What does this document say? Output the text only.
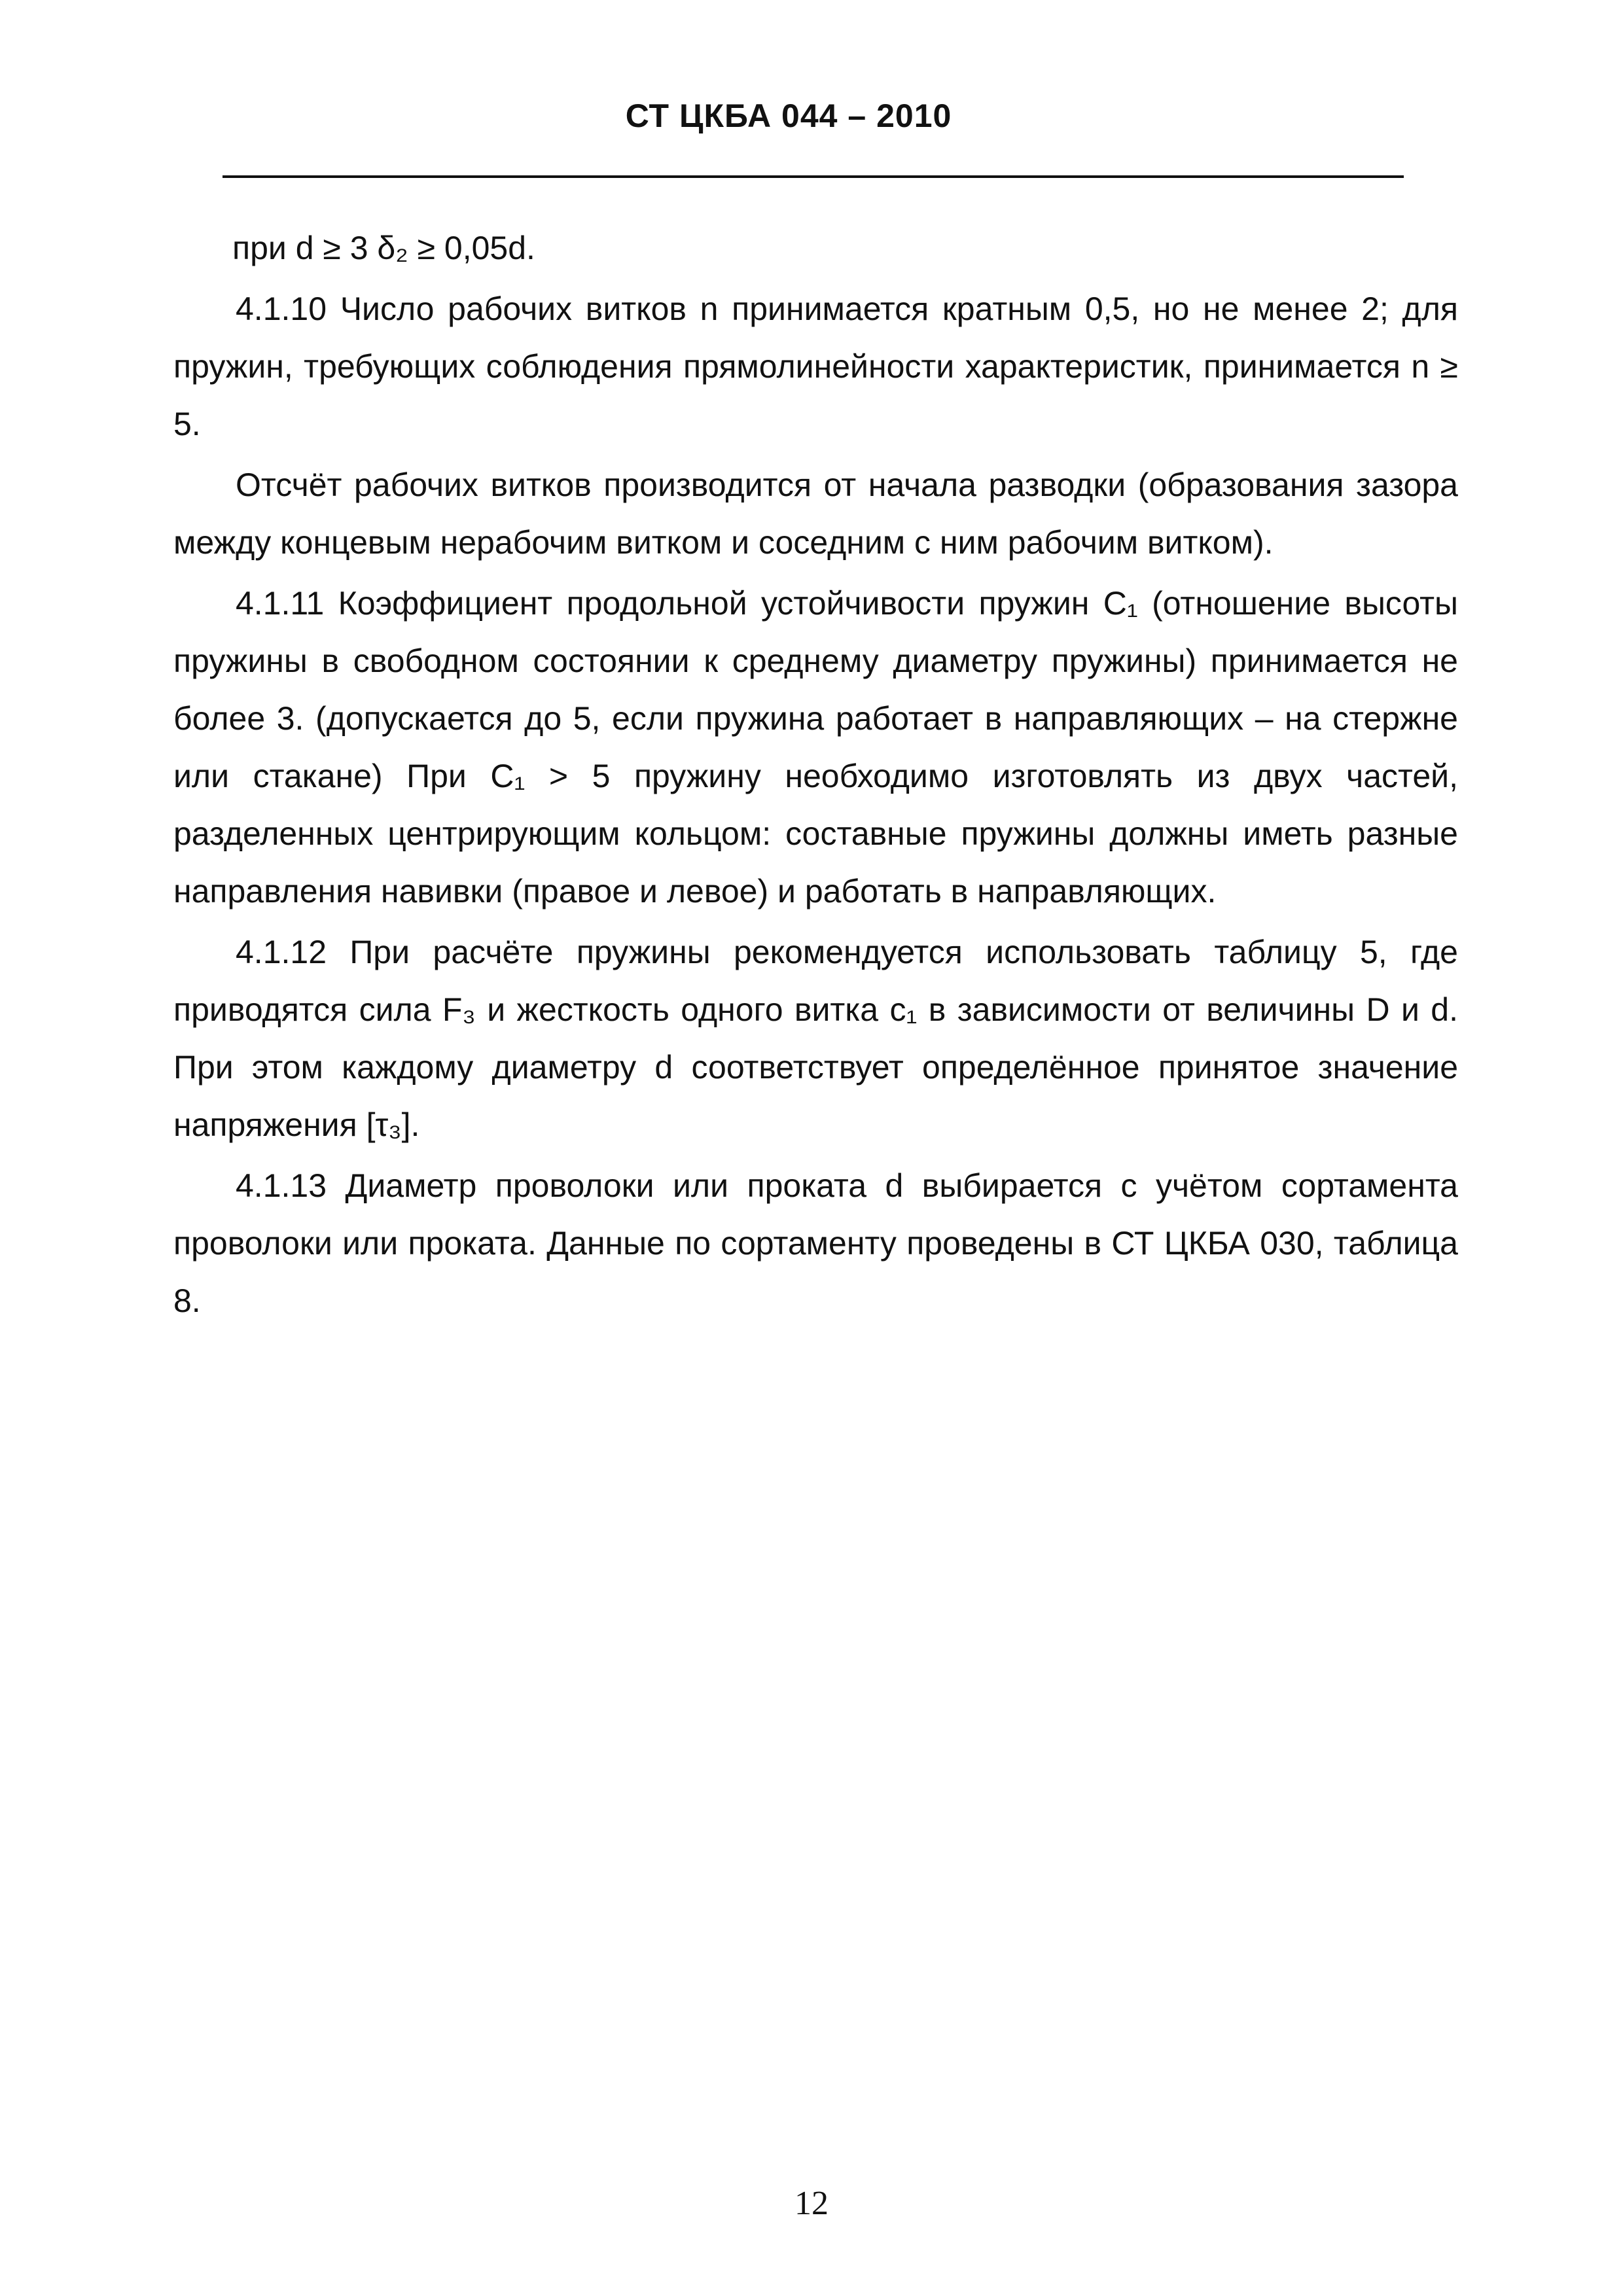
СТ ЦКБА 044 – 2010

при d ≥ 3 δ₂ ≥ 0,05d.

4.1.10 Число рабочих витков n принимается кратным 0,5, но не менее 2; для пружин, требующих соблюдения прямолинейности характеристик, принимается n ≥ 5.

Отсчёт рабочих витков производится от начала разводки (образования зазора между концевым нерабочим витком и соседним с ним рабочим витком).

4.1.11 Коэффициент продольной устойчивости пружин C₁ (отношение высоты пружины в свободном состоянии к среднему диаметру пружины) принимается не более 3. (допускается до 5, если пружина работает в направляющих – на стержне или стакане) При C₁ > 5 пружину необходимо изготовлять из двух частей, разделенных центрирующим кольцом: составные пружины должны иметь разные направления навивки (правое и левое) и работать в направляющих.

4.1.12 При расчёте пружины рекомендуется использовать таблицу 5, где приводятся сила F₃ и жесткость одного витка c₁ в зависимости от величины D и d. При этом каждому диаметру d соответствует определённое принятое значение напряжения [τ₃].

4.1.13 Диаметр проволоки или проката d выбирается с учётом сортамента проволоки или проката. Данные по сортаменту проведены в СТ ЦКБА 030, таблица 8.

12
